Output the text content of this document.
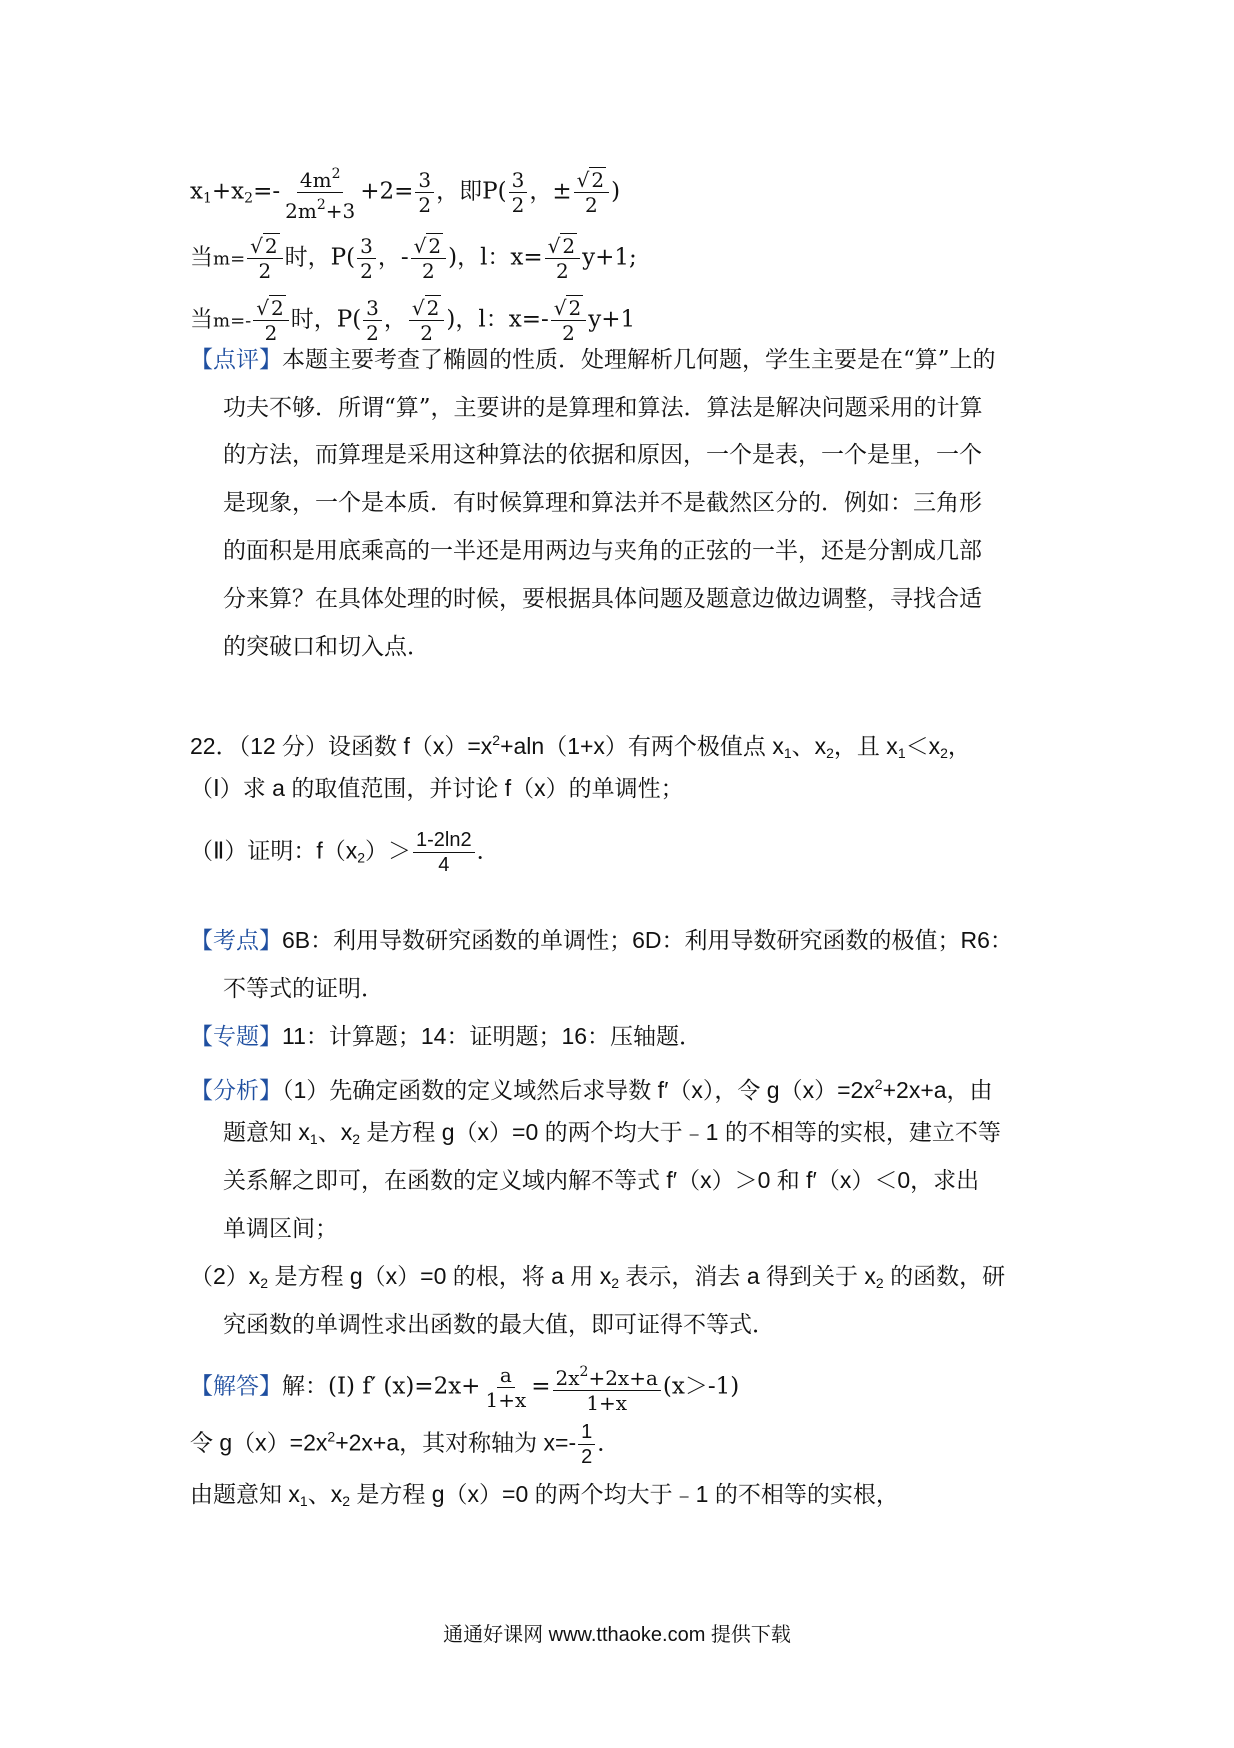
$x_1+x_2=- \frac{4m^2}{2m^2+3} +2= \frac{3}{2}$ ，即$P( \frac{3}{2}$ ，± $\frac{√ 2}{2}$ )
当$m= \frac{√ 2}{2}$ 时，$P( \frac{3}{2}$ ，- $\frac{√ 2}{2}$ )，l：$x= \frac{√ 2}{2} y+1$;
当$m=- \frac{√ 2}{2}$ 时，$P( \frac{3}{2}$ ， $\frac{√ 2}{2}$ )，l：$x=- \frac{√ 2}{2} y+1$
【点评】本题主要考查了椭圆的性质．处理解析几何题，学生主要是在“算”上的
功夫不够．所谓“算”，主要讲的是算理和算法．算法是解决问题采用的计算
的方法，而算理是采用这种算法的依据和原因，一个是表，一个是里，一个
是现象，一个是本质．有时候算理和算法并不是截然区分的．例如：三角形
的面积是用底乘高的一半还是用两边与夹角的正弦的一半，还是分割成几部
分来算？在具体处理的时候，要根据具体问题及题意边做边调整，寻找合适
的突破口和切入点．
22．（12 分）设函数 $f(x)=x^2+aln(1+x)$有两个极值点 $x_1$、$x_2$，且 $x_1<x_2$，
（Ⅰ）求 a 的取值范围，并讨论 f（x）的单调性；
（Ⅱ）证明：$f(x_2)> \frac{1-2\ln 2}{4}$ ．
【考点】6B：利用导数研究函数的单调性；6D：利用导数研究函数的极值；R6：
不等式的证明．
【专题】11：计算题；14：证明题；16：压轴题．
【分析】（1）先确定函数的定义域然后求导数 f′（x），令 $g(x)=2x^2+2x+a$，由
题意知 $x_1$、$x_2$ 是方程 g（x）=0 的两个均大于﹣1 的不相等的实根，建立不等
关系解之即可，在函数的定义域内解不等式 f′（x）＞0 和 f′（x）＜0，求出
单调区间；
$(2)x_2$ 是方程 g（x）=0 的根，将 a 用 $x_2$ 表示，消去 a 得到关于 $x_2$ 的函数，研
究函数的单调性求出函数的最大值，即可证得不等式．
【解答】解：(Ⅰ) f′ $(x)=2x+ \frac{a}{1+x} = \frac{2x^2+2x+a}{1+x} (x>-1)$
令 $g(x)=2x^2+2x+a$，其对称轴为 $x=- \frac{1}{2}$ ．
由题意知 $x_1$、$x_2$ 是方程 g（x）=0 的两个均大于﹣1 的不相等的实根，
通通好课网 www.tthaoke.com 提供下载
